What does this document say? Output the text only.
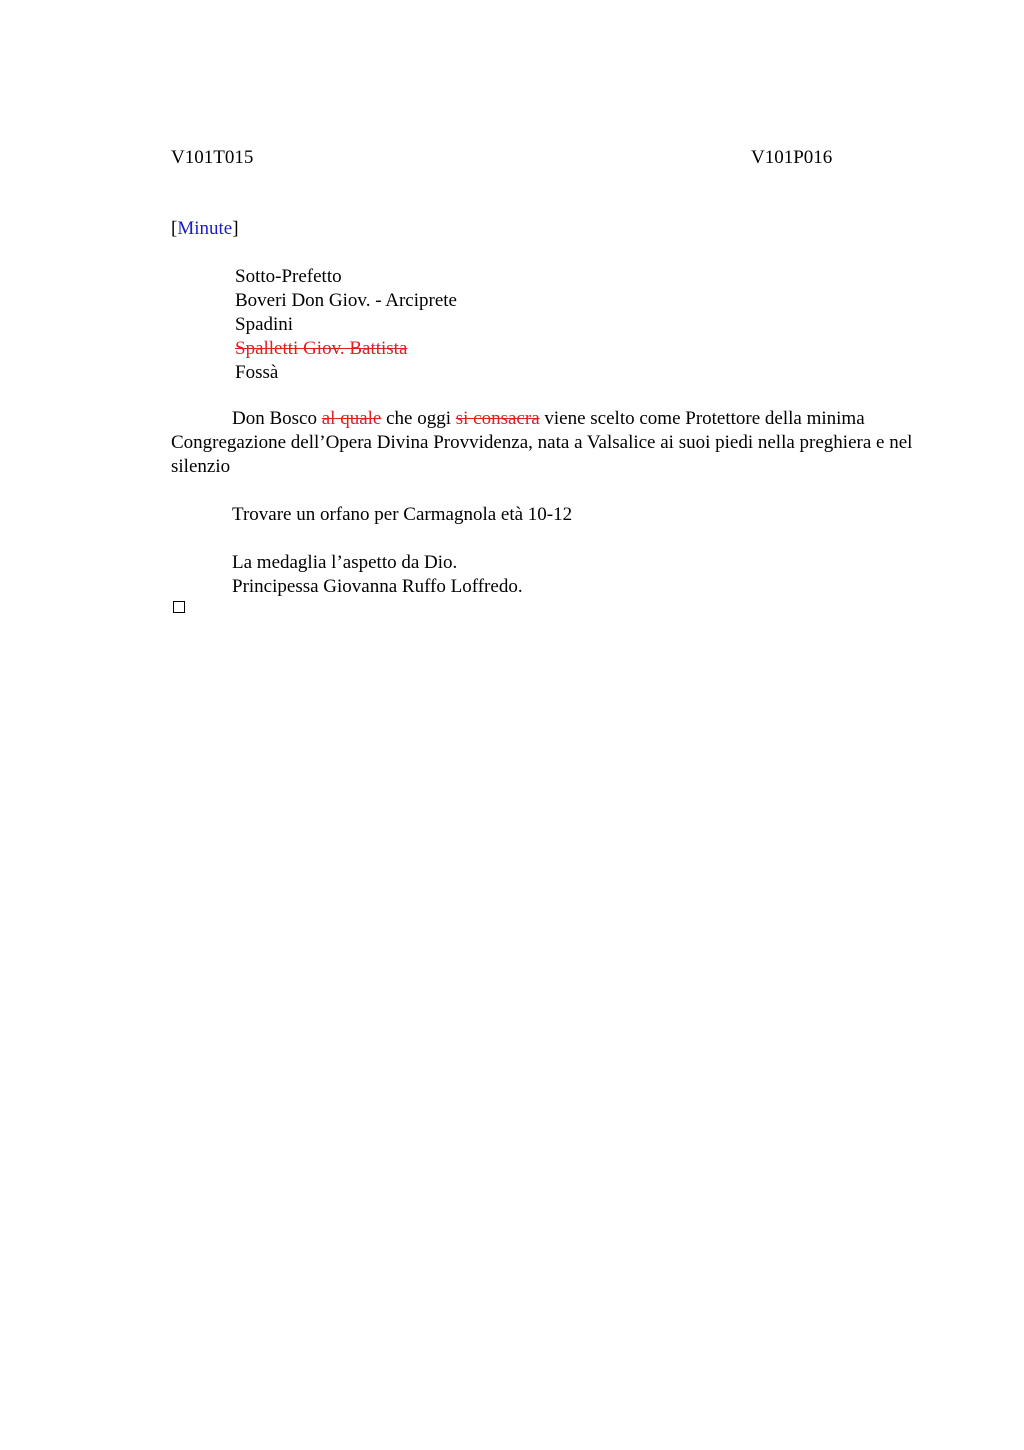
V101T015	V101P016
[Minute]
Sotto-Prefetto
Boveri Don Giov. - Arciprete
Spadini
Spalletti Giov. Battista
Fossà

Don Bosco al quale che oggi si consacra viene scelto come Protettore della minima Congregazione dell’Opera Divina Provvidenza, nata a Valsalice ai suoi piedi nella preghiera e nel silenzio

Trovare un orfano per Carmagnola età 10-12

La medaglia l’aspetto da Dio.
Principessa Giovanna Ruffo Loffredo.
